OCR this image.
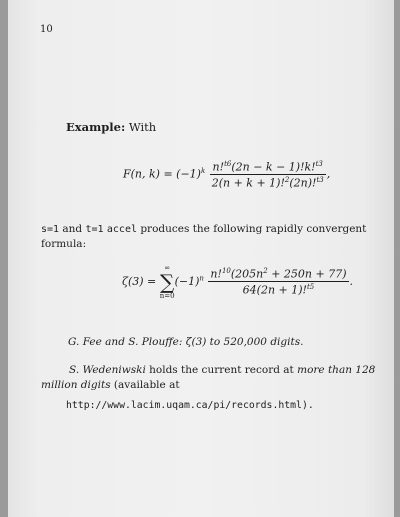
10
Example: With
F(n, $k) = (-1)^k \frac{n!^{t6}(2n - k - 1)!k!^{t3}}{2(n + k + 1)!^2(2n)!^{t3}}$ ,
s=1 and t=1 accel produces the following rapidly convergent formula:
ζ(3) =
∞
∑
n=0
$(-1)^n \frac{n!^{10}(205n^2 + 250n + 77)}{64(2n + 1)!^{t5}}$ .
G. Fee and S. Plouffe: ζ(3) to 520,000 digits.
S. Wedeniwski holds the current record at more than 128 million digits (available at
http://www.lacim.uqam.ca/pi/records.html).
